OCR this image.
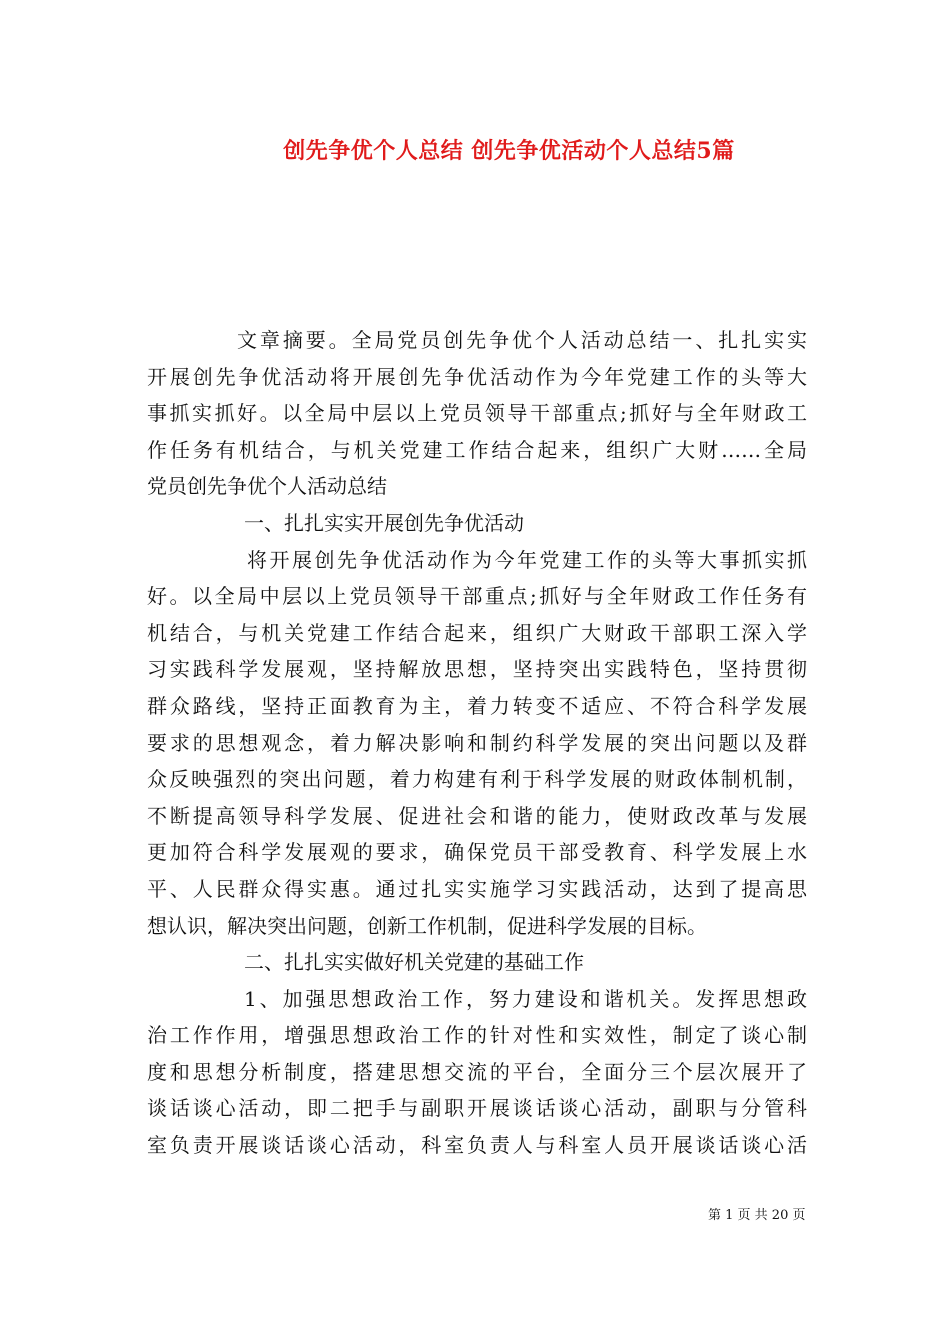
创先争优个人总结 创先争优活动个人总结5篇
文章摘要。全局党员创先争优个人活动总结一、扎扎实实
开展创先争优活动将开展创先争优活动作为今年党建工作的头等大
事抓实抓好。以全局中层以上党员领导干部重点;抓好与全年财政工
作任务有机结合，与机关党建工作结合起来，组织广大财……全局
党员创先争优个人活动总结
一、扎扎实实开展创先争优活动
将开展创先争优活动作为今年党建工作的头等大事抓实抓
好。以全局中层以上党员领导干部重点;抓好与全年财政工作任务有
机结合，与机关党建工作结合起来，组织广大财政干部职工深入学
习实践科学发展观，坚持解放思想，坚持突出实践特色，坚持贯彻
群众路线，坚持正面教育为主，着力转变不适应、不符合科学发展
要求的思想观念，着力解决影响和制约科学发展的突出问题以及群
众反映强烈的突出问题，着力构建有利于科学发展的财政体制机制，
不断提高领导科学发展、促进社会和谐的能力，使财政改革与发展
更加符合科学发展观的要求，确保党员干部受教育、科学发展上水
平、人民群众得实惠。通过扎实实施学习实践活动，达到了提高思
想认识，解决突出问题，创新工作机制，促进科学发展的目标。
二、扎扎实实做好机关党建的基础工作
1、加强思想政治工作，努力建设和谐机关。发挥思想政
治工作作用，增强思想政治工作的针对性和实效性，制定了谈心制
度和思想分析制度，搭建思想交流的平台，全面分三个层次展开了
谈话谈心活动，即二把手与副职开展谈话谈心活动，副职与分管科
室负责开展谈话谈心活动，科室负责人与科室人员开展谈话谈心活
第 1 页 共 20 页
